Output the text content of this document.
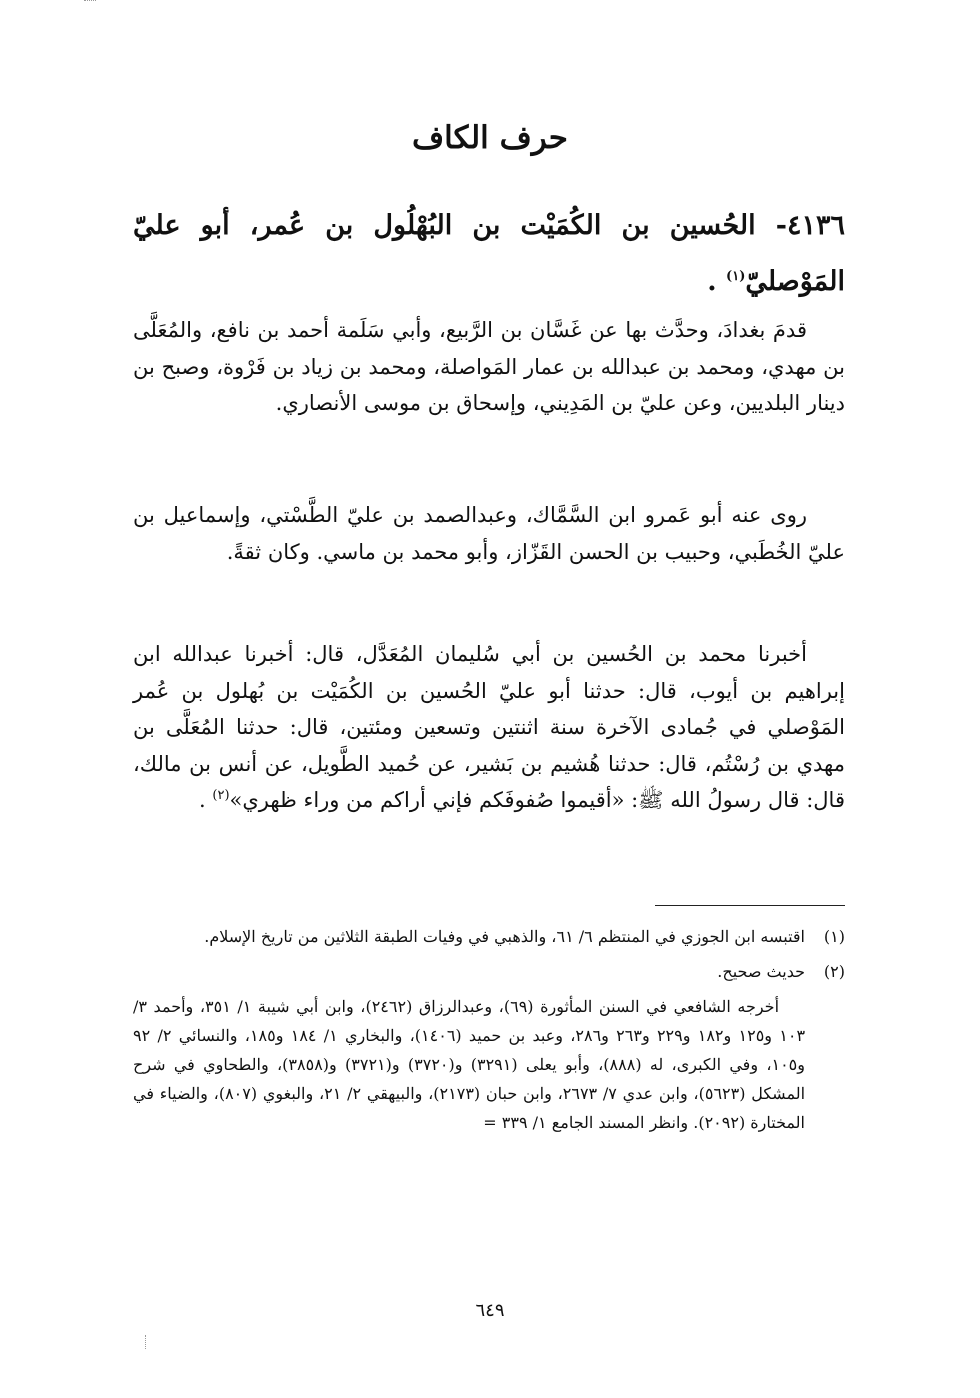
حرف الكاف
٤١٣٦- الحُسين بن الكُمَيْت بن البُهْلُول بن عُمر، أبو عليّ المَوْصليّ$^{(١)}$ .

قدمَ بغدادَ، وحدَّث بها عن غَسَّان بن الرَّبيع، وأبي سَلَمة أحمد بن نافع، والمُعَلَّى بن مهدي، ومحمد بن عبدالله بن عمار المَواصلة، ومحمد بن زياد بن فَرْوة، وصبح بن دينار البلديين، وعن عليّ بن المَدِيني، وإسحاق بن موسى الأنصاري.

روى عنه أبو عَمرو ابن السَّمَّاك، وعبدالصمد بن عليّ الطَّسْتي، وإسماعيل بن عليّ الخُطَبي، وحبيب بن الحسن القَزّاز، وأبو محمد بن ماسي. وكان ثقةً.

أخبرنا محمد بن الحُسين بن أبي سُليمان المُعَدَّل، قال: أخبرنا عبدالله ابن إبراهيم بن أيوب، قال: حدثنا أبو عليّ الحُسين بن الكُمَيْت بن بُهلول بن عُمر المَوْصلي في جُمادى الآخرة سنة اثنتين وتسعين ومئتين، قال: حدثنا المُعَلَّى بن مهدي بن رُسْتُم، قال: حدثنا هُشيم بن بَشير، عن حُميد الطَّويل، عن أنس بن مالك، قال: قال رسولُ الله ﷺ: «أقيموا صُفوفَكم فإني أراكم من وراء ظهري»$^{(٢)}$ .

(١)
اقتبسه ابن الجوزي في المنتظم ٦/ ٦١، والذهبي في وفيات الطبقة الثلاثين من تاريخ الإسلام.
(٢)
حديث صحيح.
أخرجه الشافعي في السنن المأثورة (٦٩)، وعبدالرزاق (٢٤٦٢)، وابن أبي شيبة ١/ ٣٥١، وأحمد ٣/ ١٠٣ و١٢٥ و١٨٢ و٢٢٩ و٢٦٣ و٢٨٦، وعبد بن حميد (١٤٠٦)، والبخاري ١/ ١٨٤ و١٨٥، والنسائي ٢/ ٩٢ و١٠٥، وفي الكبرى، له (٨٨٨)، وأبو يعلى (٣٢٩١) و(٣٧٢٠) و(٣٧٢١) و(٣٨٥٨)، والطحاوي في شرح المشكل (٥٦٢٣)، وابن عدي ٧/ ٢٦٧٣، وابن حبان (٢١٧٣)، والبيهقي ٢/ ٢١، والبغوي (٨٠٧)، والضياء في المختارة (٢٠٩٢). وانظر المسند الجامع ١/ ٣٣٩ =
٦٤٩
